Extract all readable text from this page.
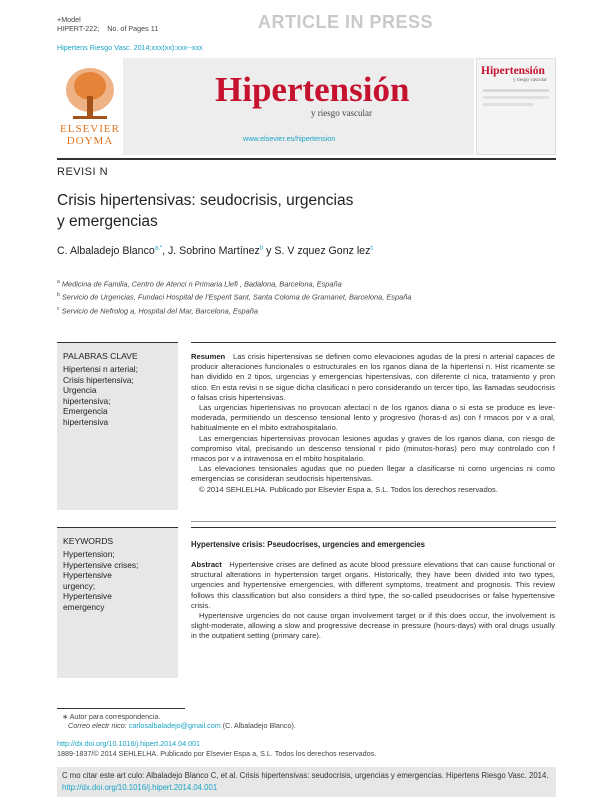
+Model
HIPERT-222; No. of Pages 11	ARTICLE IN PRESS
Hipertens Riesgo Vasc. 2014;xxx(xx):xxx--xxx
ELSEVIER
DOYMA
Hipertensión
y riesgo vascular
www.elsevier.es/hipertension
Hipertensión
y riesgo vascular
REVISI N
Crisis hipertensivas: seudocrisis, urgencias
y emergencias
C. Albaladejo Blanco$^{a,*}$, J. Sobrino Martínez$^b$ y S. V zquez Gonz lez$^c$
$^a$ Medicina de Familia, Centro de Atenci n Primaria Llefi , Badalona, Barcelona, España
$^b$ Servicio de Urgencias, Fundaci Hospital de l’Esperit Sant, Santa Coloma de Gramanet, Barcelona, España
$^c$ Servicio de Nefrolog a, Hospital del Mar, Barcelona, España
PALABRAS CLAVE
Hipertensi n arterial;
Crisis hipertensiva;
Urgencia
hipertensiva;
Emergencia
hipertensiva

Resumen Las crisis hipertensivas se definen como elevaciones agudas de la presi n arterial capaces de producir alteraciones funcionales o estructurales en los rganos diana de la hipertensi n. Hist ricamente se han dividido en 2 tipos, urgencias y emergencias hipertensivas, con diferente cl nica, tratamiento y pron stico. En esta revisi n se sigue dicha clasificaci n pero considerando un tercer tipo, las llamadas seudocrisis o falsas crisis hipertensivas.

Las urgencias hipertensivas no provocan afectaci n de los rganos diana o si esta se produce es leve-moderada, permitiendo un descenso tensional lento y progresivo (horas-d as) con f rmacos por v a oral, habitualmente en el mbito extrahospitalario.

Las emergencias hipertensivas provocan lesiones agudas y graves de los rganos diana, con riesgo de compromiso vital, precisando un descenso tensional r pido (minutos-horas) pero muy controlado con f rmacos por v a intravenosa en el mbito hospitalario.

Las elevaciones tensionales agudas que no pueden llegar a clasificarse ni como urgencias ni como emergencias se consideran seudocrisis hipertensivas.

© 2014 SEHLELHA. Publicado por Elsevier Espa a, S.L. Todos los derechos reservados.

KEYWORDS
Hypertension;
Hypertensive crises;
Hypertensive
urgency;
Hypertensive
emergency
Hypertensive crisis: Pseudocrises, urgencies and emergencies

Abstract Hypertensive crises are defined as acute blood pressure elevations that can cause functional or structural alterations in hypertension target organs. Historically, they have been divided into two types, urgencies and hypertensive emergencies, with different symptoms, treatment and prognosis. This review follows this classification but also considers a third type, the so-called pseudocrises or false hypertensive crisis.

Hypertensive urgencies do not cause organ involvement target or if this does occur, the involvement is slight-moderate, allowing a slow and progressive decrease in pressure (hours-days) with oral drugs usually in the outpatient setting (primary care).

∗ Autor para correspondencia.
Correo electr nico: carlosalbaladejo@gmail.com (C. Albaladejo Blanco).
http://dx.doi.org/10.1016/j.hipert.2014.04.001
1889-1837/© 2014 SEHLELHA. Publicado por Elsevier Espa a, S.L. Todos los derechos reservados.
C mo citar este art culo: Albaladejo Blanco C, et al. Crisis hipertensivas: seudocrisis, urgencias y emergencias. Hipertens Riesgo Vasc. 2014. http://dx.doi.org/10.1016/j.hipert.2014.04.001
